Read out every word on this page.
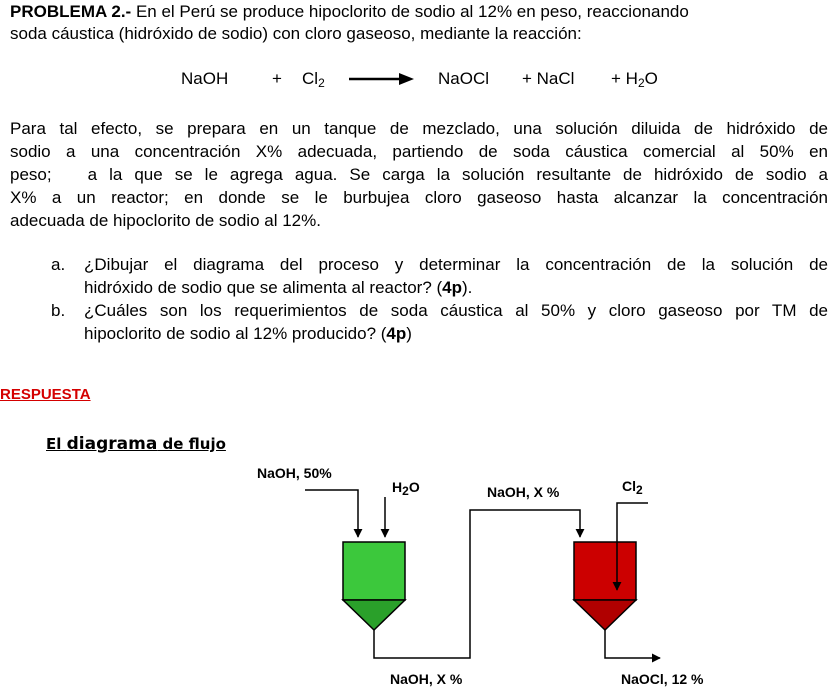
PROBLEMA 2.- En el Perú se produce hipoclorito de sodio al 12% en peso, reaccionando
soda cáustica (hidróxido de sodio) con cloro gaseoso, mediante la reacción:
NaOH	+ $Cl_2$	NaOCl + NaCl + $H_2O$
Para tal efecto, se prepara en un tanque de mezclado, una solución diluida de hidróxido de
sodio a una concentración X% adecuada, partiendo de soda cáustica comercial al 50% en
peso;   a la que se le agrega agua. Se carga la solución resultante de hidróxido de sodio a
X% a un reactor; en donde se le burbujea cloro gaseoso hasta alcanzar la concentración
adecuada de hipoclorito de sodio al 12%.
a. ¿Dibujar el diagrama del proceso y determinar la concentración de la solución de
hidróxido de sodio que se alimenta al reactor? (4p).
b. ¿Cuáles son los requerimientos de soda cáustica al 50% y cloro gaseoso por TM de
hipoclorito de sodio al 12% producido? (4p)
RESPUESTA
El diagrama de flujo
NaOH, 50%
$H_2O$	NaOH, X %	$Cl_2$
NaOH, X %	NaOCl, 12 %
